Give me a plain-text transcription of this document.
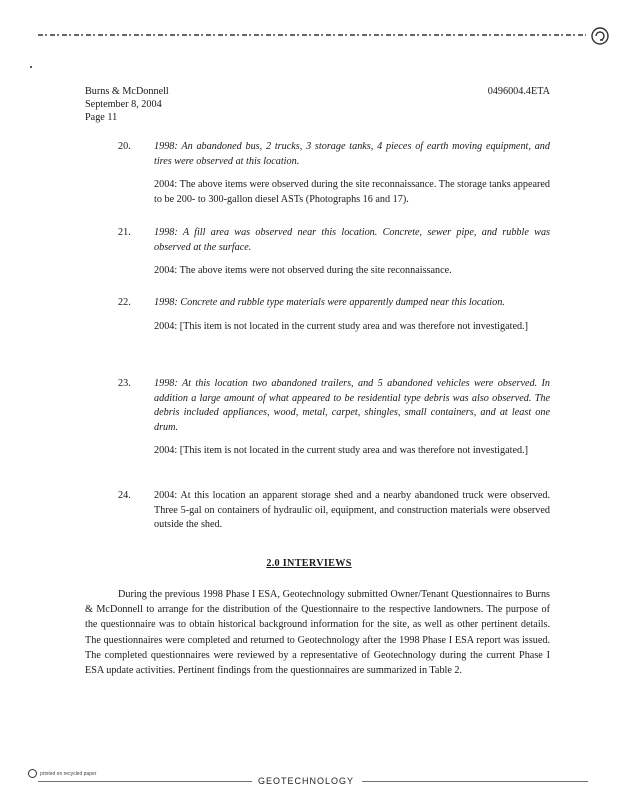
Burns & McDonnell	0496004.4ETA
September 8, 2004
Page 11
20.	1998: An abandoned bus, 2 trucks, 3 storage tanks, 4 pieces of earth moving equipment, and tires were observed at this location.

2004: The above items were observed during the site reconnaissance. The storage tanks appeared to be 200- to 300-gallon diesel ASTs (Photographs 16 and 17).

21.	1998: A fill area was observed near this location. Concrete, sewer pipe, and rubble was observed at the surface.

2004: The above items were not observed during the site reconnaissance.

22.	1998: Concrete and rubble type materials were apparently dumped near this location.

2004: [This item is not located in the current study area and was therefore not investigated.]

23.	1998: At this location two abandoned trailers, and 5 abandoned vehicles were observed. In addition a large amount of what appeared to be residential type debris was also observed. The debris included appliances, wood, metal, carpet, shingles, small containers, and at least one drum.

2004: [This item is not located in the current study area and was therefore not investigated.]

24.	2004: At this location an apparent storage shed and a nearby abandoned truck were observed. Three 5-gal on containers of hydraulic oil, equipment, and construction materials were observed outside the shed.

2.0 INTERVIEWS

During the previous 1998 Phase I ESA, Geotechnology submitted Owner/Tenant Questionnaires to Burns & McDonnell to arrange for the distribution of the Questionnaire to the respective landowners. The purpose of the questionnaire was to obtain historical background information for the site, as well as other pertinent details. The questionnaires were completed and returned to Geotechnology after the 1998 Phase I ESA report was issued. The completed questionnaires were reviewed by a representative of Geotechnology during the current Phase I ESA update activities. Pertinent findings from the questionnaires are summarized in Table 2.

printed on recycled paper
GEOTECHNOLOGY
